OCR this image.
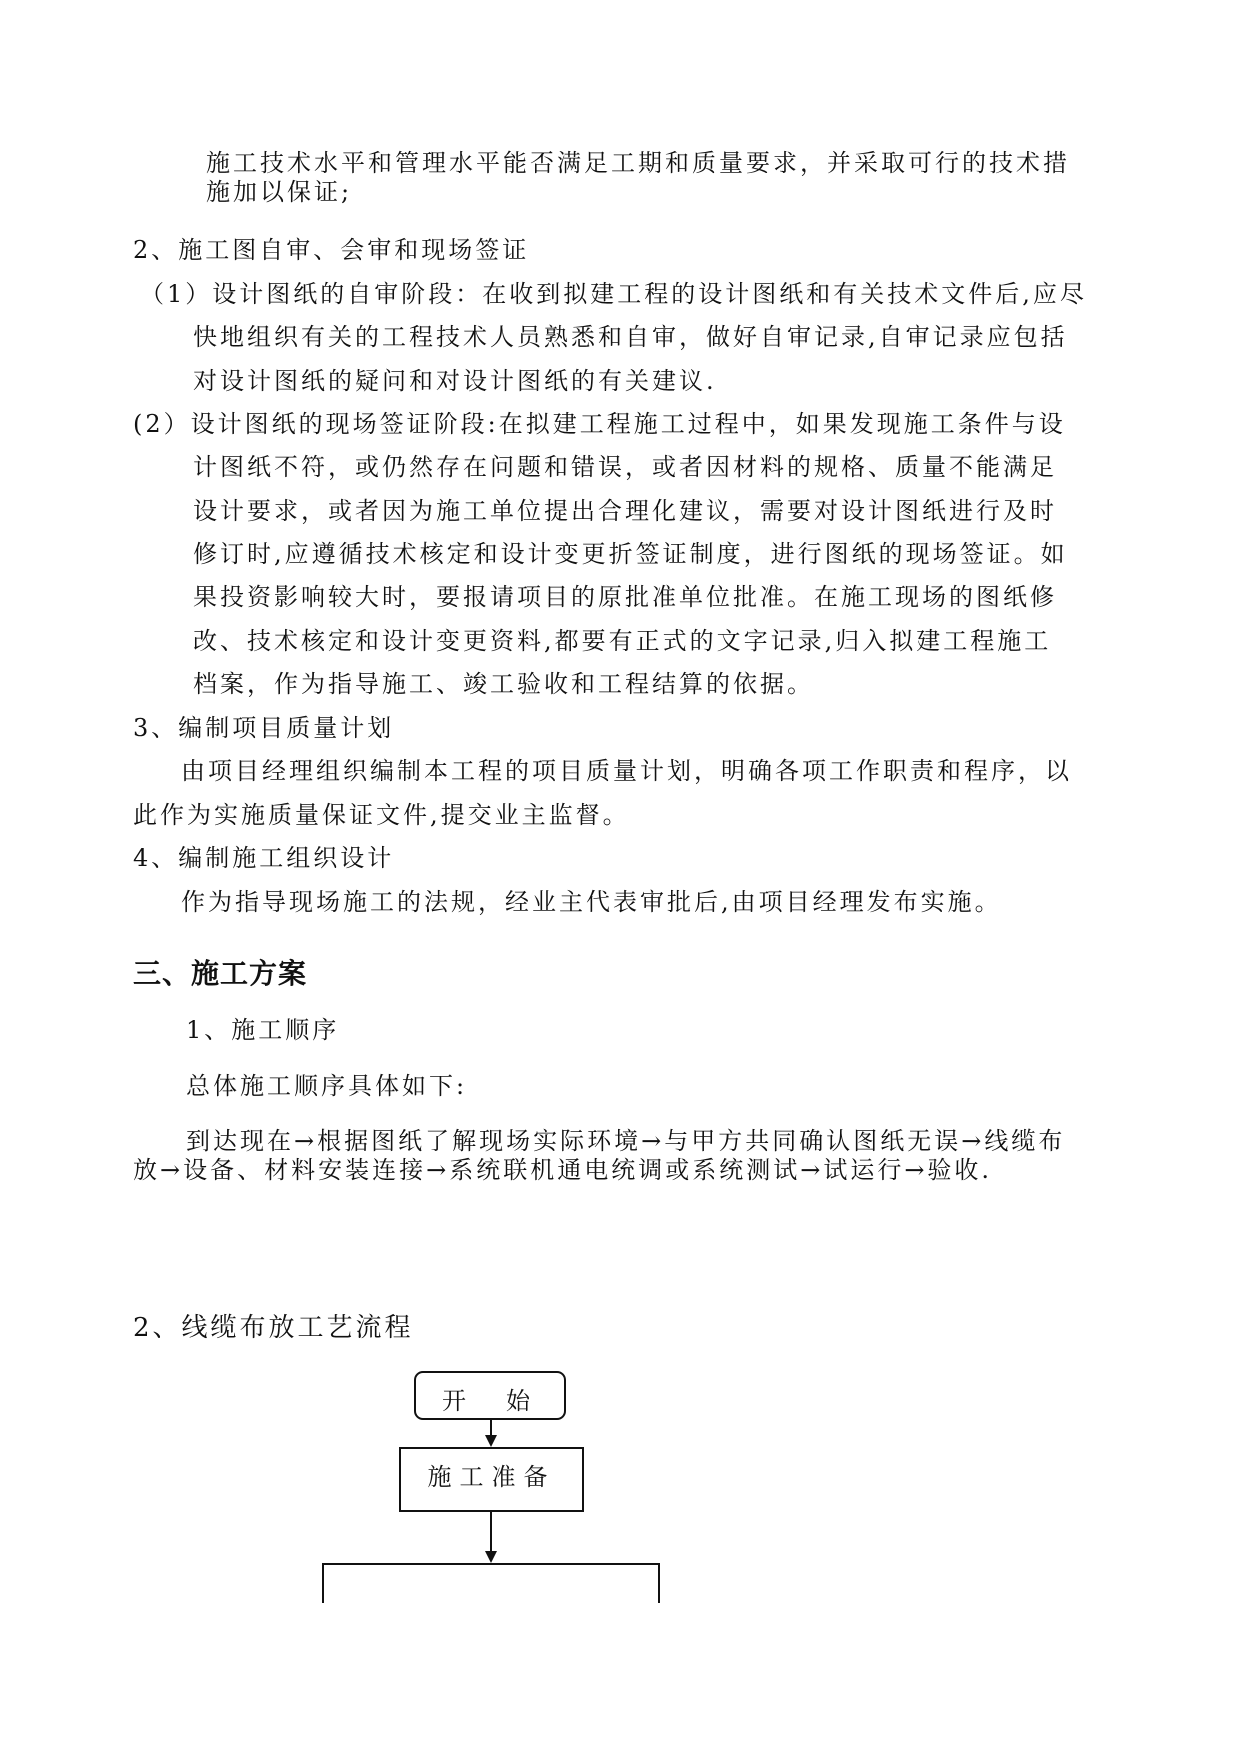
施工技术水平和管理水平能否满足工期和质量要求，并采取可行的技术措
施加以保证;
2、施工图自审、会审和现场签证
（1）设计图纸的自审阶段：在收到拟建工程的设计图纸和有关技术文件后,应尽
快地组织有关的工程技术人员熟悉和自审，做好自审记录,自审记录应包括
对设计图纸的疑问和对设计图纸的有关建议.
(2）设计图纸的现场签证阶段:在拟建工程施工过程中，如果发现施工条件与设
计图纸不符，或仍然存在问题和错误，或者因材料的规格、质量不能满足
设计要求，或者因为施工单位提出合理化建议，需要对设计图纸进行及时
修订时,应遵循技术核定和设计变更折签证制度，进行图纸的现场签证。如
果投资影响较大时，要报请项目的原批准单位批准。在施工现场的图纸修
改、技术核定和设计变更资料,都要有正式的文字记录,归入拟建工程施工
档案，作为指导施工、竣工验收和工程结算的依据。
3、编制项目质量计划
由项目经理组织编制本工程的项目质量计划，明确各项工作职责和程序，以
此作为实施质量保证文件,提交业主监督。
4、编制施工组织设计
作为指导现场施工的法规，经业主代表审批后,由项目经理发布实施。
三、施工方案
1、施工顺序
总体施工顺序具体如下:
到达现在→根据图纸了解现场实际环境→与甲方共同确认图纸无误→线缆布
放→设备、材料安装连接→系统联机通电统调或系统测试→试运行→验收.
2、线缆布放工艺流程
开　始
施工准备
